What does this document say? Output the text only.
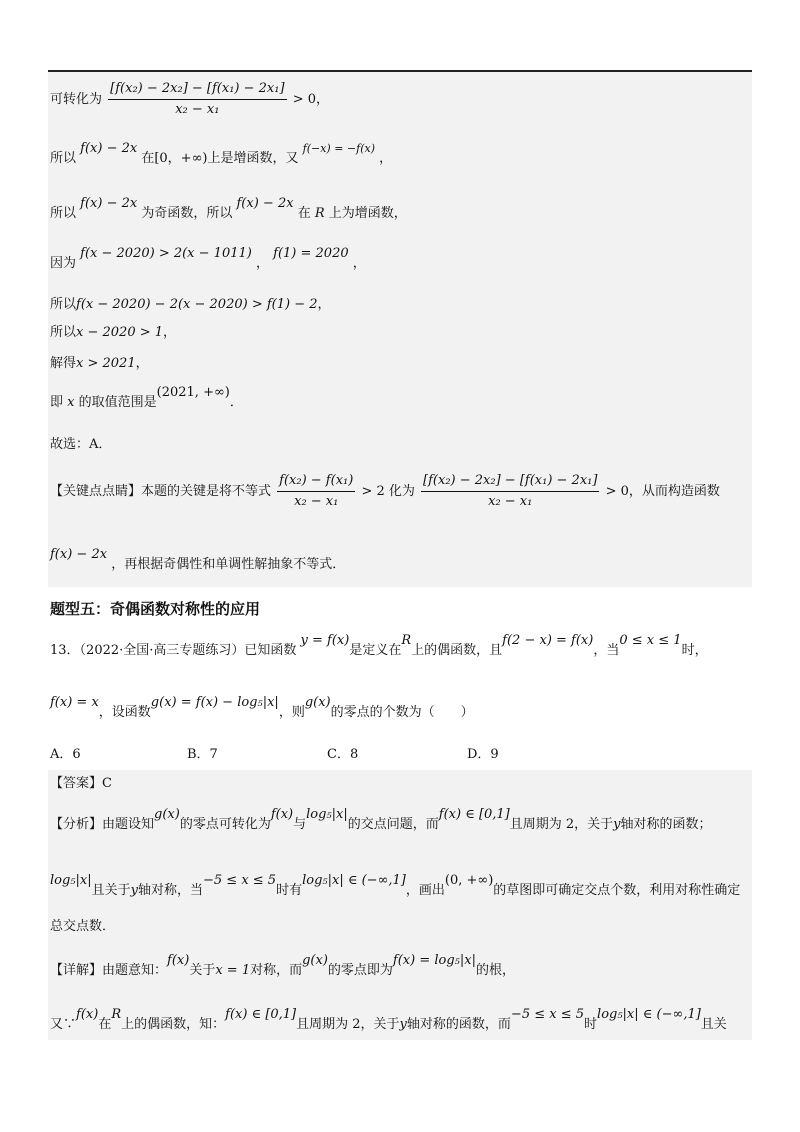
可转化为 $\frac{\text{[f(x₂) − 2x₂] − [f(x₁) − 2x₁]}}{\text{x₂ − x₁}} > 0$，
所以 f(x) − 2x 在[0，+∞)上是增函数，又 $^{f(-x) = -f(x)}$ ，
所以 f(x) − 2x 为奇函数，所以 f(x) − 2x 在 R 上为增函数，
因为 f(x − 2020) > 2(x − 1011) ， f(1) = 2020 ，
所以f(x − 2020) − 2(x − 2020) > f(1) − 2，
所以x − 2020 > 1，
解得x > 2021，
即 x 的取值范围是(2021, +∞)．
故选：A．
【关键点点睛】本题的关键是将不等式 $\frac{\text{f(x₂) − f(x₁)}}{\text{x₂ − x₁}} > 2$ 化为 $\frac{\text{[f(x₂) − 2x₂] − [f(x₁) − 2x₁]}}{\text{x₂ − x₁}} > 0$，从而构造函数
f(x) − 2x ，再根据奇偶性和单调性解抽象不等式．
题型五：奇偶函数对称性的应用
13．（2022·全国·高三专题练习）已知函数 y = f(x)是定义在R上的偶函数，且f(2 − x) = f(x)，当0 ≤ x ≤ 1时，
f(x) = x，设函数g(x) = f(x) − log₅|x|，则g(x)的零点的个数为（　　）
A．6	B．7	C．8	D．9
【答案】C
【分析】由题设知g(x)的零点可转化为f(x)与log₅|x|的交点问题，而f(x) ∈ [0,1]且周期为 2，关于y轴对称的函数；
log₅|x|且关于y轴对称，当−5 ≤ x ≤ 5时有log₅|x| ∈ (−∞,1]，画出(0, +∞)的草图即可确定交点个数，利用对称性确定
总交点数．
【详解】由题意知：f(x)关于x = 1对称，而g(x)的零点即为f(x) = log₅|x|的根，
又∵f(x)在R上的偶函数，知：f(x) ∈ [0,1]且周期为 2，关于y轴对称的函数，而−5 ≤ x ≤ 5时log₅|x| ∈ (−∞,1]且关
